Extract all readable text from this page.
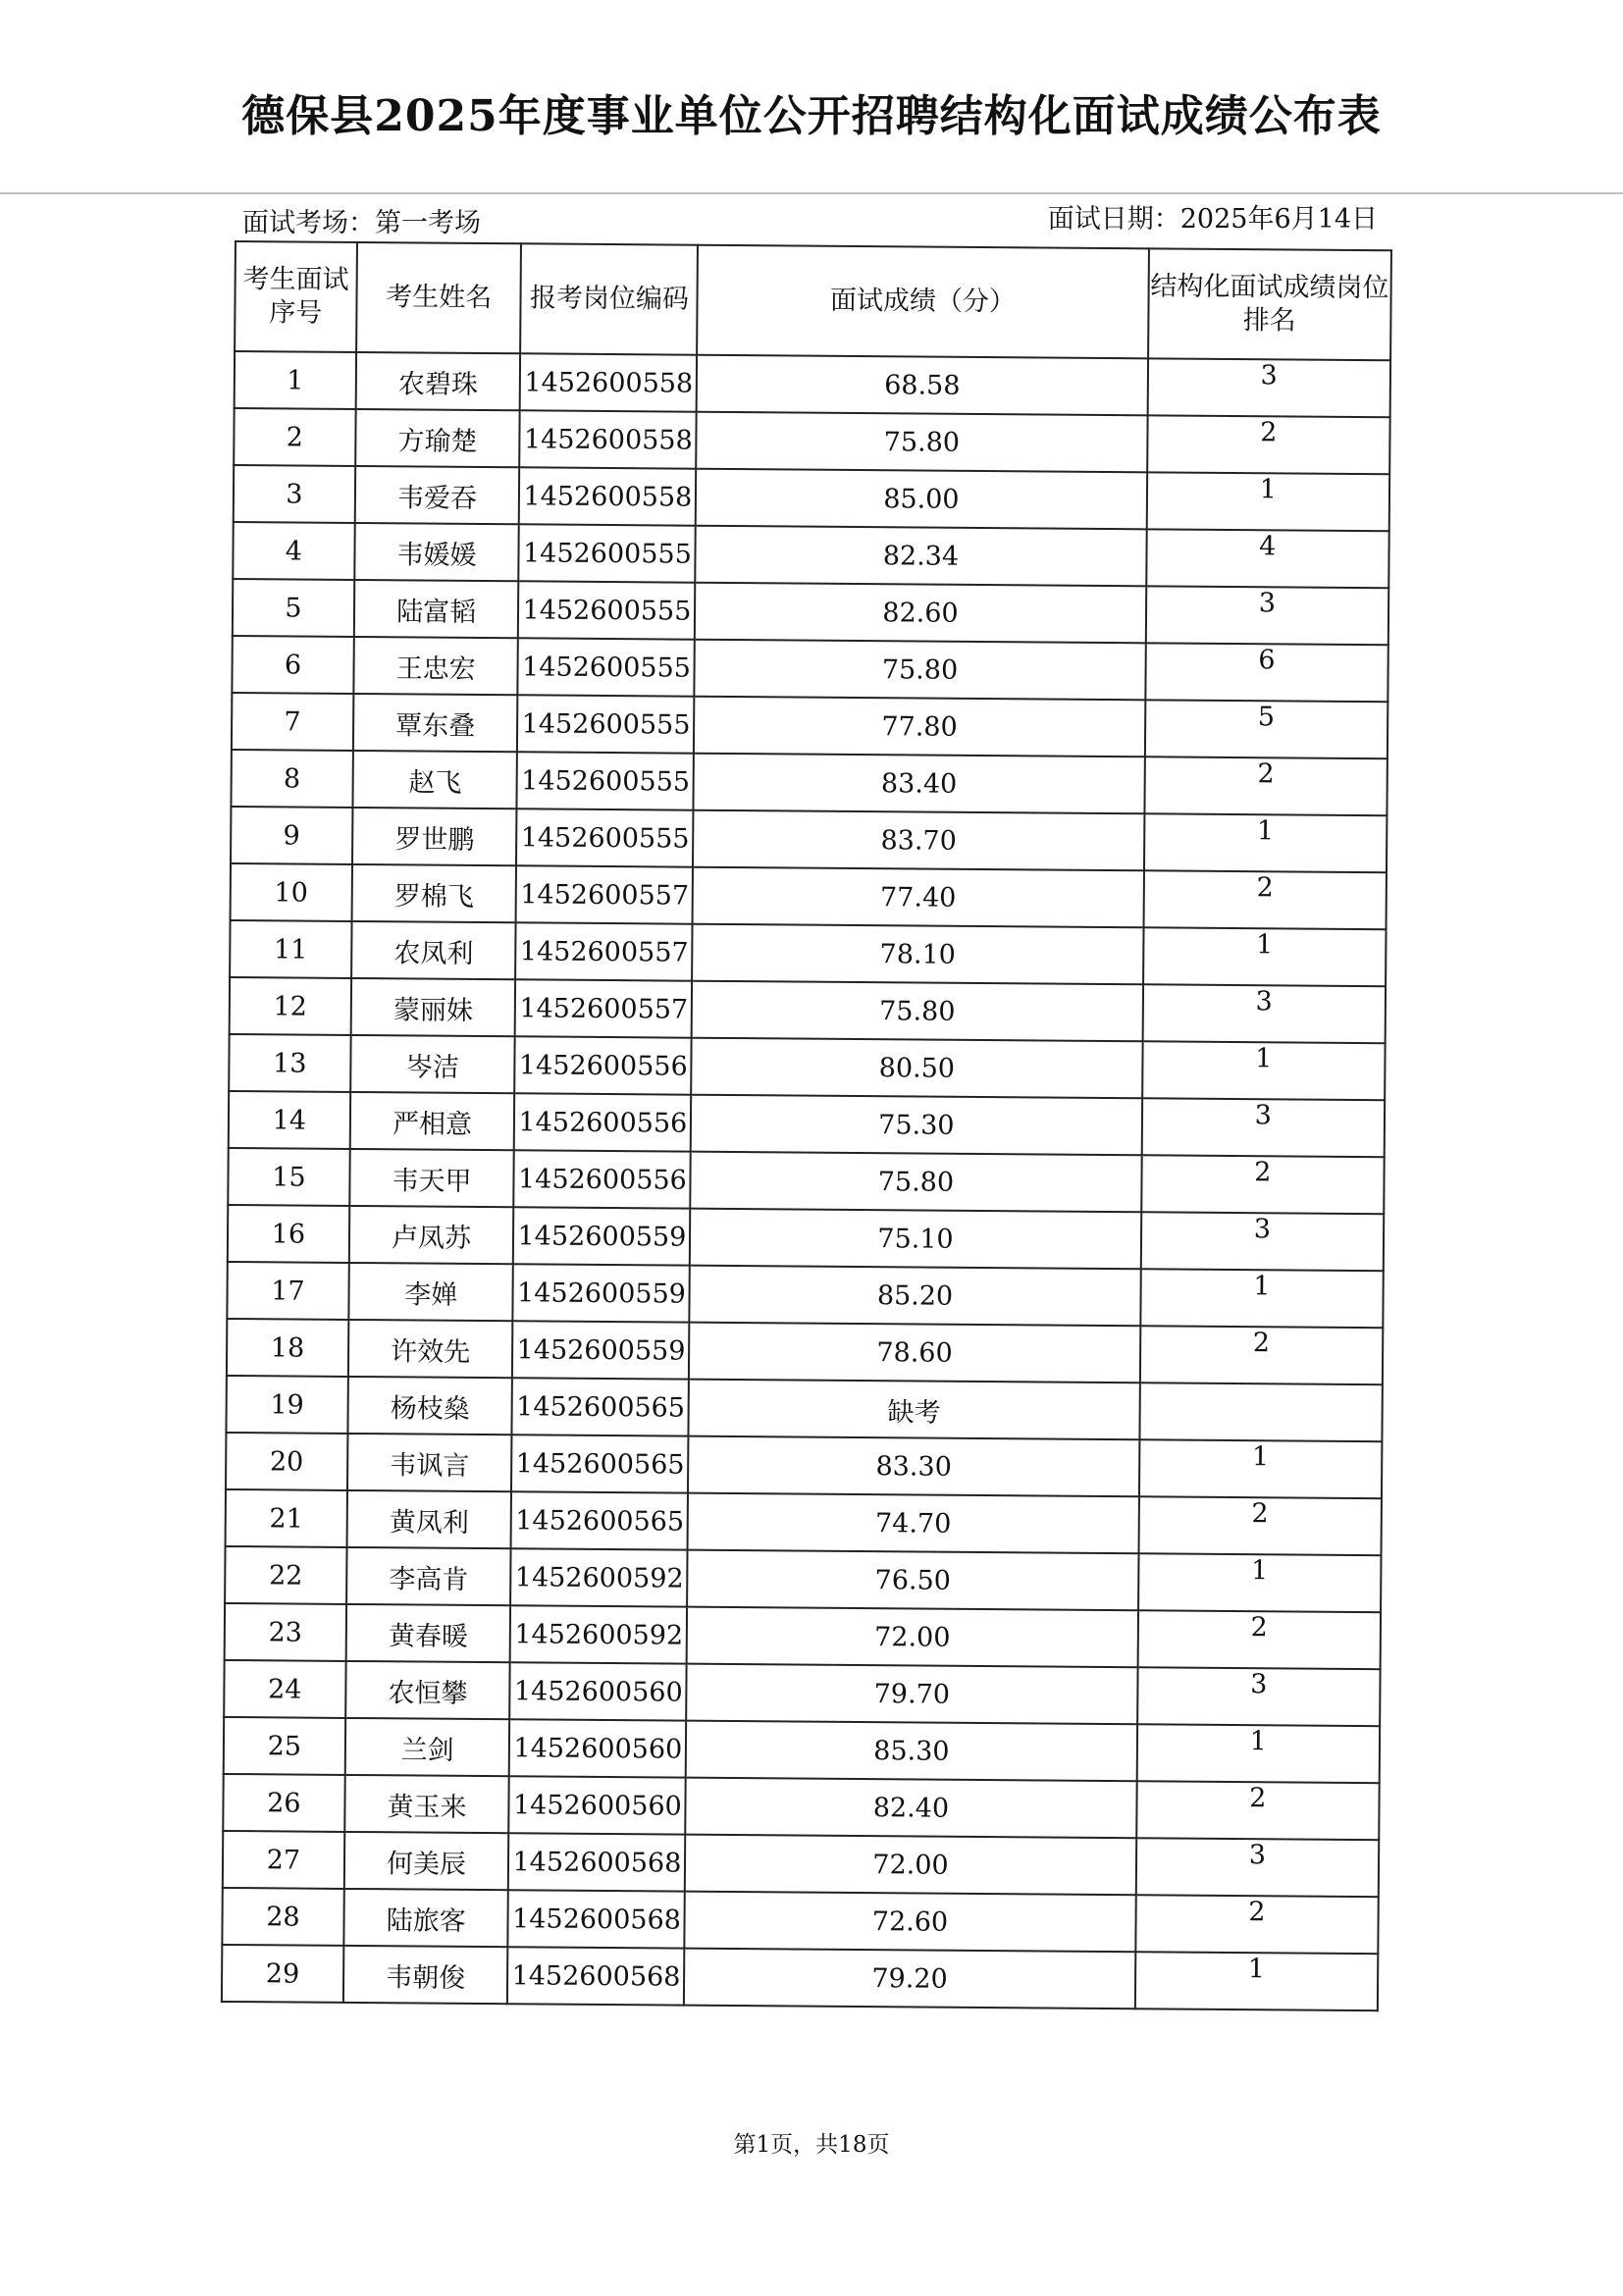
德保县2025年度事业单位公开招聘结构化面试成绩公布表
面试考场：第一考场	面试日期：2025年6月14日
考生面试序号	考生姓名	报考岗位编码	面试成绩（分）	结构化面试成绩岗位排名
1	农碧珠	1452600558	68.58	3
2	方瑜楚	1452600558	75.80	2
3	韦爱吞	1452600558	85.00	1
4	韦媛媛	1452600555	82.34	4
5	陆富韬	1452600555	82.60	3
6	王忠宏	1452600555	75.80	6
7	覃东叠	1452600555	77.80	5
8	赵飞	1452600555	83.40	2
9	罗世鹏	1452600555	83.70	1
10	罗棉飞	1452600557	77.40	2
11	农凤利	1452600557	78.10	1
12	蒙丽妹	1452600557	75.80	3
13	岑洁	1452600556	80.50	1
14	严相意	1452600556	75.30	3
15	韦天甲	1452600556	75.80	2
16	卢凤苏	1452600559	75.10	3
17	李婵	1452600559	85.20	1
18	许效先	1452600559	78.60	2
19	杨枝燊	1452600565	缺考	
20	韦讽言	1452600565	83.30	1
21	黄凤利	1452600565	74.70	2
22	李高肯	1452600592	76.50	1
23	黄春暖	1452600592	72.00	2
24	农恒攀	1452600560	79.70	3
25	兰剑	1452600560	85.30	1
26	黄玉来	1452600560	82.40	2
27	何美辰	1452600568	72.00	3
28	陆旅客	1452600568	72.60	2
29	韦朝俊	1452600568	79.20	1
第1页，共18页
